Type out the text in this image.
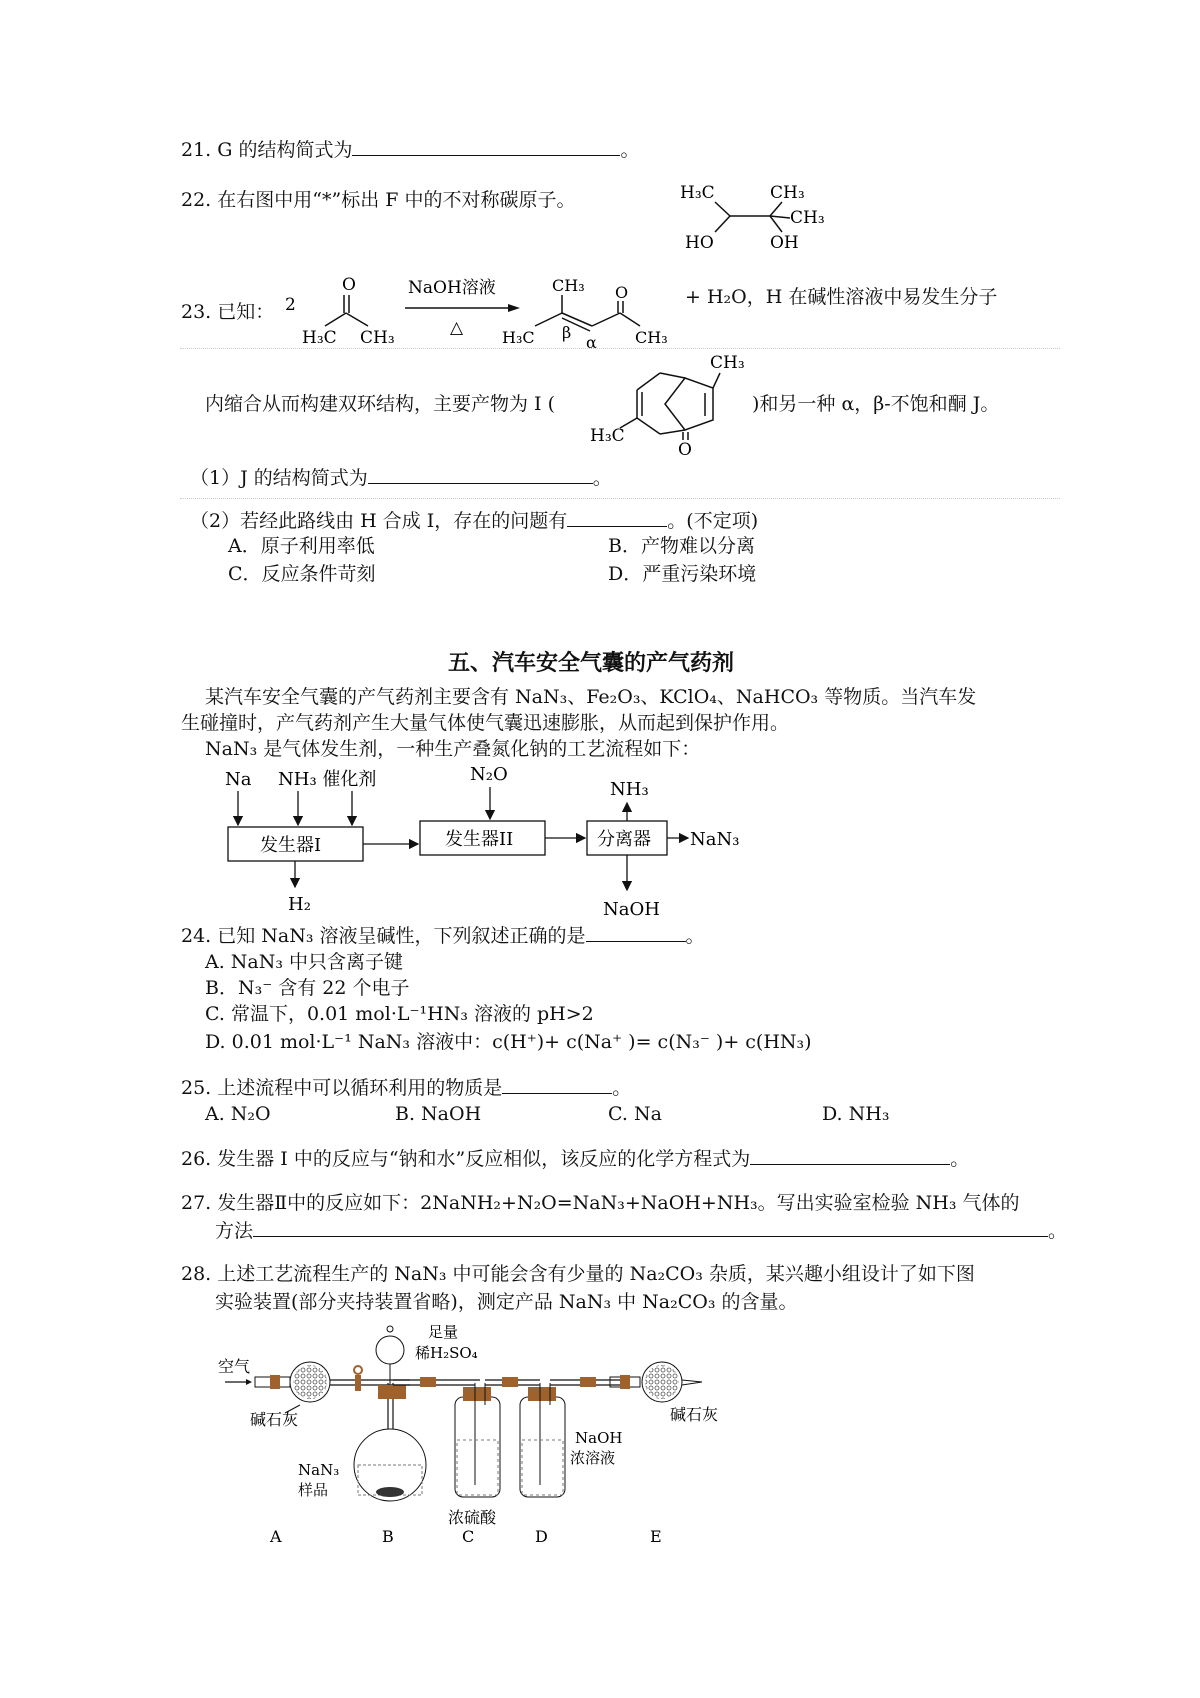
21. G 的结构简式为	。
22. 在右图中用“*”标出 F 中的不对称碳原子。	H₃C	CH₃
CH₃
HO	OH
23. 已知： 2
O
H₃C CH₃
NaOH溶液
△
CH₃ O
H₃C β
α CH₃
+ H₂O，H 在碱性溶液中易发生分子
内缩合从而构建双环结构，主要产物为 I (
CH₃
H₃C
O
)和另一种 α，β-不饱和酮 J。
（1）J 的结构简式为	。
（2）若经此路线由 H 合成 I，存在的问题有	。(不定项)
A．原子利用率低	B．产物难以分离
C．反应条件苛刻	D．严重污染环境
五、汽车安全气囊的产气药剂
某汽车安全气囊的产气药剂主要含有 NaN₃、Fe₂O₃、KClO₄、NaHCO₃ 等物质。当汽车发
生碰撞时，产气药剂产生大量气体使气囊迅速膨胀，从而起到保护作用。
NaN₃ 是气体发生剂，一种生产叠氮化钠的工艺流程如下：
Na NH₃ 催化剂	N₂O
发生器I	发生器II	分离器
NH₃
NaN₃
H₂	NaOH
24. 已知 NaN₃ 溶液呈碱性，下列叙述正确的是	。
A. NaN₃ 中只含离子键
B．N₃⁻ 含有 22 个电子
C. 常温下，0.01 mol·L⁻¹HN₃ 溶液的 pH>2
D. 0.01 mol·L⁻¹ NaN₃ 溶液中：c(H⁺)+ c(Na⁺ )= c(N₃⁻ )+ c(HN₃)
25. 上述流程中可以循环利用的物质是	。
A. N₂O	B. NaOH	C. Na	D. NH₃
26. 发生器 I 中的反应与“钠和水”反应相似，该反应的化学方程式为	。
27. 发生器Ⅱ中的反应如下：2NaNH₂+N₂O=NaN₃+NaOH+NH₃。写出实验室检验 NH₃ 气体的
方法	。
28. 上述工艺流程生产的 NaN₃ 中可能会含有少量的 Na₂CO₃ 杂质，某兴趣小组设计了如下图
实验装置(部分夹持装置省略)，测定产品 NaN₃ 中 Na₂CO₃ 的含量。
空气
碱石灰
足量
稀H₂SO₄
NaN₃
样品
浓硫酸
NaOH
浓溶液
碱石灰
A	B	C	D	E
